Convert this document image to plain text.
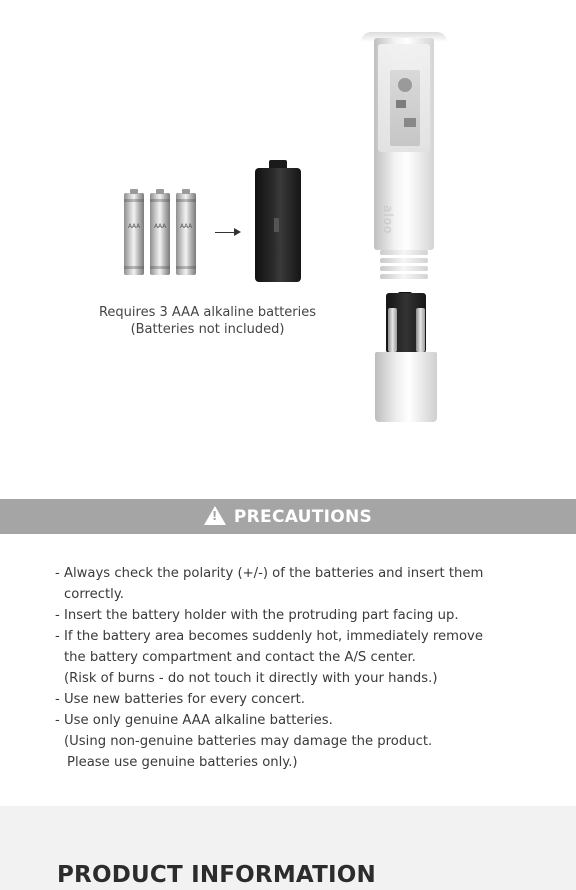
AAA	AAA	AAA
Requires 3 AAA alkaline batteries
(Batteries not included)
aloo
! PRECAUTIONS
- Always check the polarity (+/-) of the batteries and insert them
correctly.
- Insert the battery holder with the protruding part facing up.
- If the battery area becomes suddenly hot, immediately remove
the battery compartment and contact the A/S center.
(Risk of burns - do not touch it directly with your hands.)
- Use new batteries for every concert.
- Use only genuine AAA alkaline batteries.
(Using non-genuine batteries may damage the product.
Please use genuine batteries only.)
PRODUCT INFORMATION
